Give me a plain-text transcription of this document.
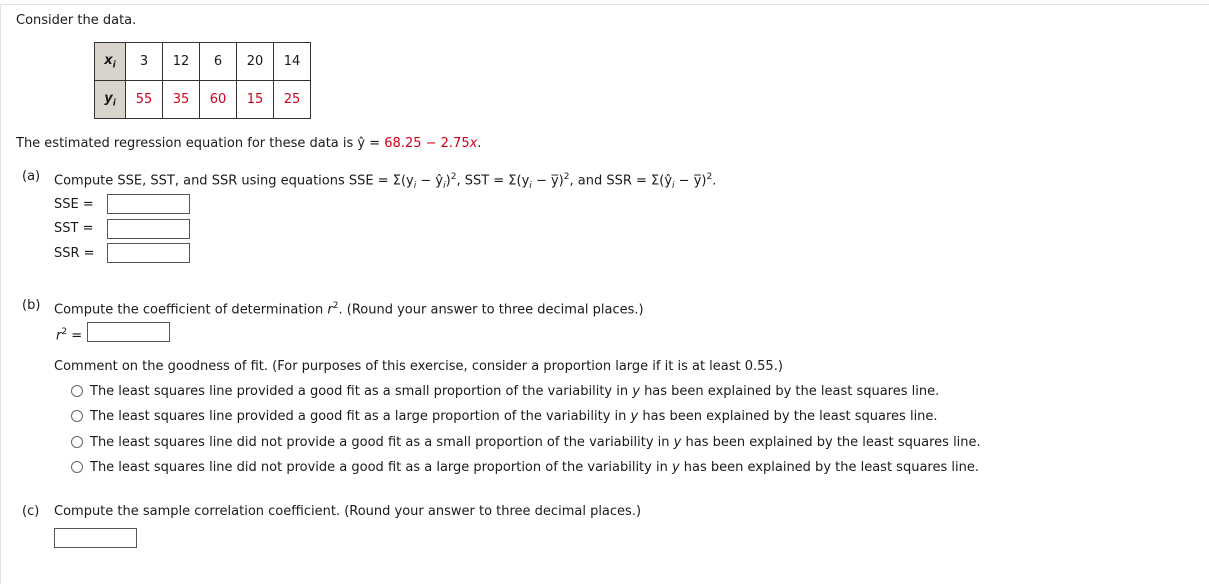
Consider the data.
$x_i$	3	12	6	20	14
$y_i$	55	35	60	15	25
The estimated regression equation for these data is ŷ = 68.25 − 2.75x.
(a) Compute SSE, SST, and SSR using equations SSE = $\Sigma(y_i$ − $ŷ_i)^2$, SST = $\Sigma(y_i$ − y̅)$^2$, and SSR = $\Sigma(ŷ_i$ − y̅)$^2$.
SSE =
SST =
SSR =
(b) Compute the coefficient of determination $r^2$. (Round your answer to three decimal places.)
$r^2$ =
Comment on the goodness of fit. (For purposes of this exercise, consider a proportion large if it is at least 0.55.)
The least squares line provided a good fit as a small proportion of the variability in y has been explained by the least squares line.
The least squares line provided a good fit as a large proportion of the variability in y has been explained by the least squares line.
The least squares line did not provide a good fit as a small proportion of the variability in y has been explained by the least squares line.
The least squares line did not provide a good fit as a large proportion of the variability in y has been explained by the least squares line.
(c) Compute the sample correlation coefficient. (Round your answer to three decimal places.)
